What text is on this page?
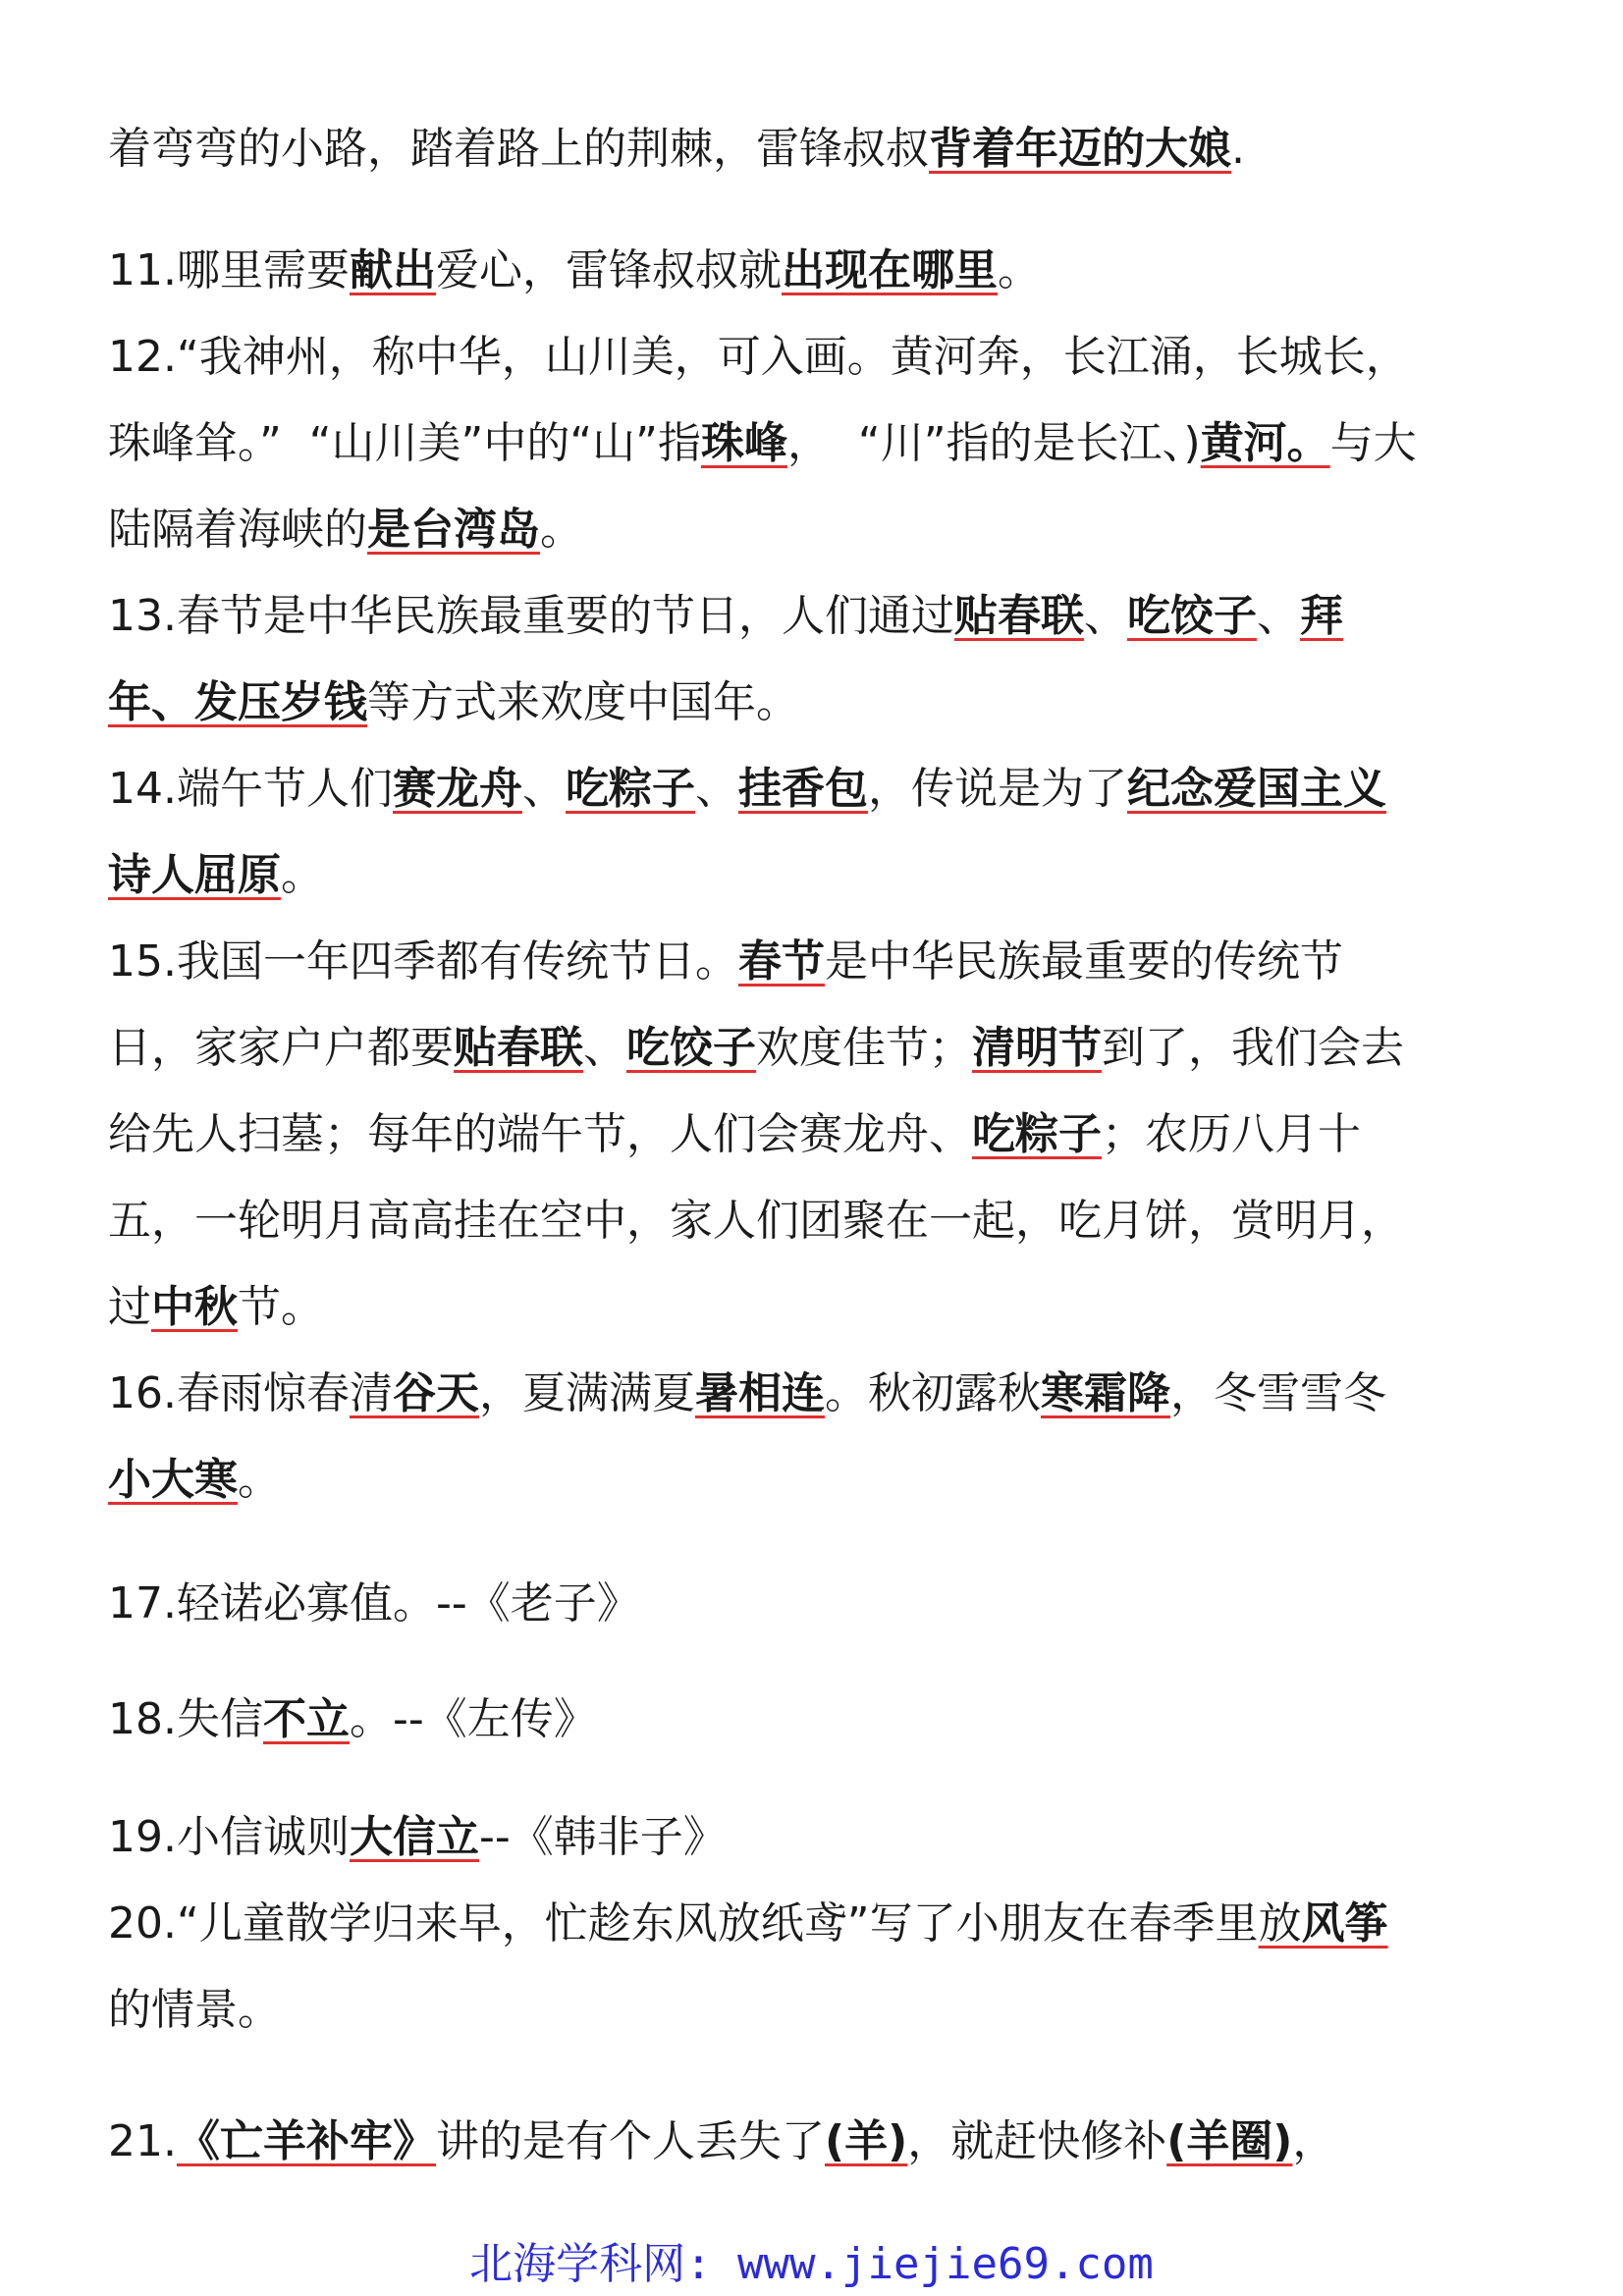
着弯弯的小路，踏着路上的荆棘，雷锋叔叔背着年迈的大娘.
11.哪里需要献出爱心，雷锋叔叔就出现在哪里。
12.“我神州，称中华，山川美，可入画。黄河奔，长江涌，长城长，珠峰耸。”  “山川美”中的“山”指珠峰，  “川”指的是长江、)黄河。与大陆隔着海峡的是台湾岛。
13.春节是中华民族最重要的节日，人们通过贴春联、吃饺子、拜年、发压岁钱等方式来欢度中国年。
14.端午节人们赛龙舟、吃粽子、挂香包，传说是为了纪念爱国主义诗人屈原。
15.我国一年四季都有传统节日。春节是中华民族最重要的传统节日，家家户户都要贴春联、吃饺子欢度佳节；清明节到了，我们会去给先人扫墓；每年的端午节，人们会赛龙舟、吃粽子；农历八月十五，一轮明月高高挂在空中，家人们团聚在一起，吃月饼，赏明月，过中秋节。
16.春雨惊春清谷天，夏满满夏暑相连。秋初露秋寒霜降，冬雪雪冬小大寒。
17.轻诺必寡值。--《老子》
18.失信不立。--《左传》
19.小信诚则大信立--《韩非子》
20.“儿童散学归来早，忙趁东风放纸鸢”写了小朋友在春季里放风筝的情景。
21.《亡羊补牢》讲的是有个人丢失了(羊)，就赶快修补(羊圈)，
北海学科网: www.jiejie69.com
